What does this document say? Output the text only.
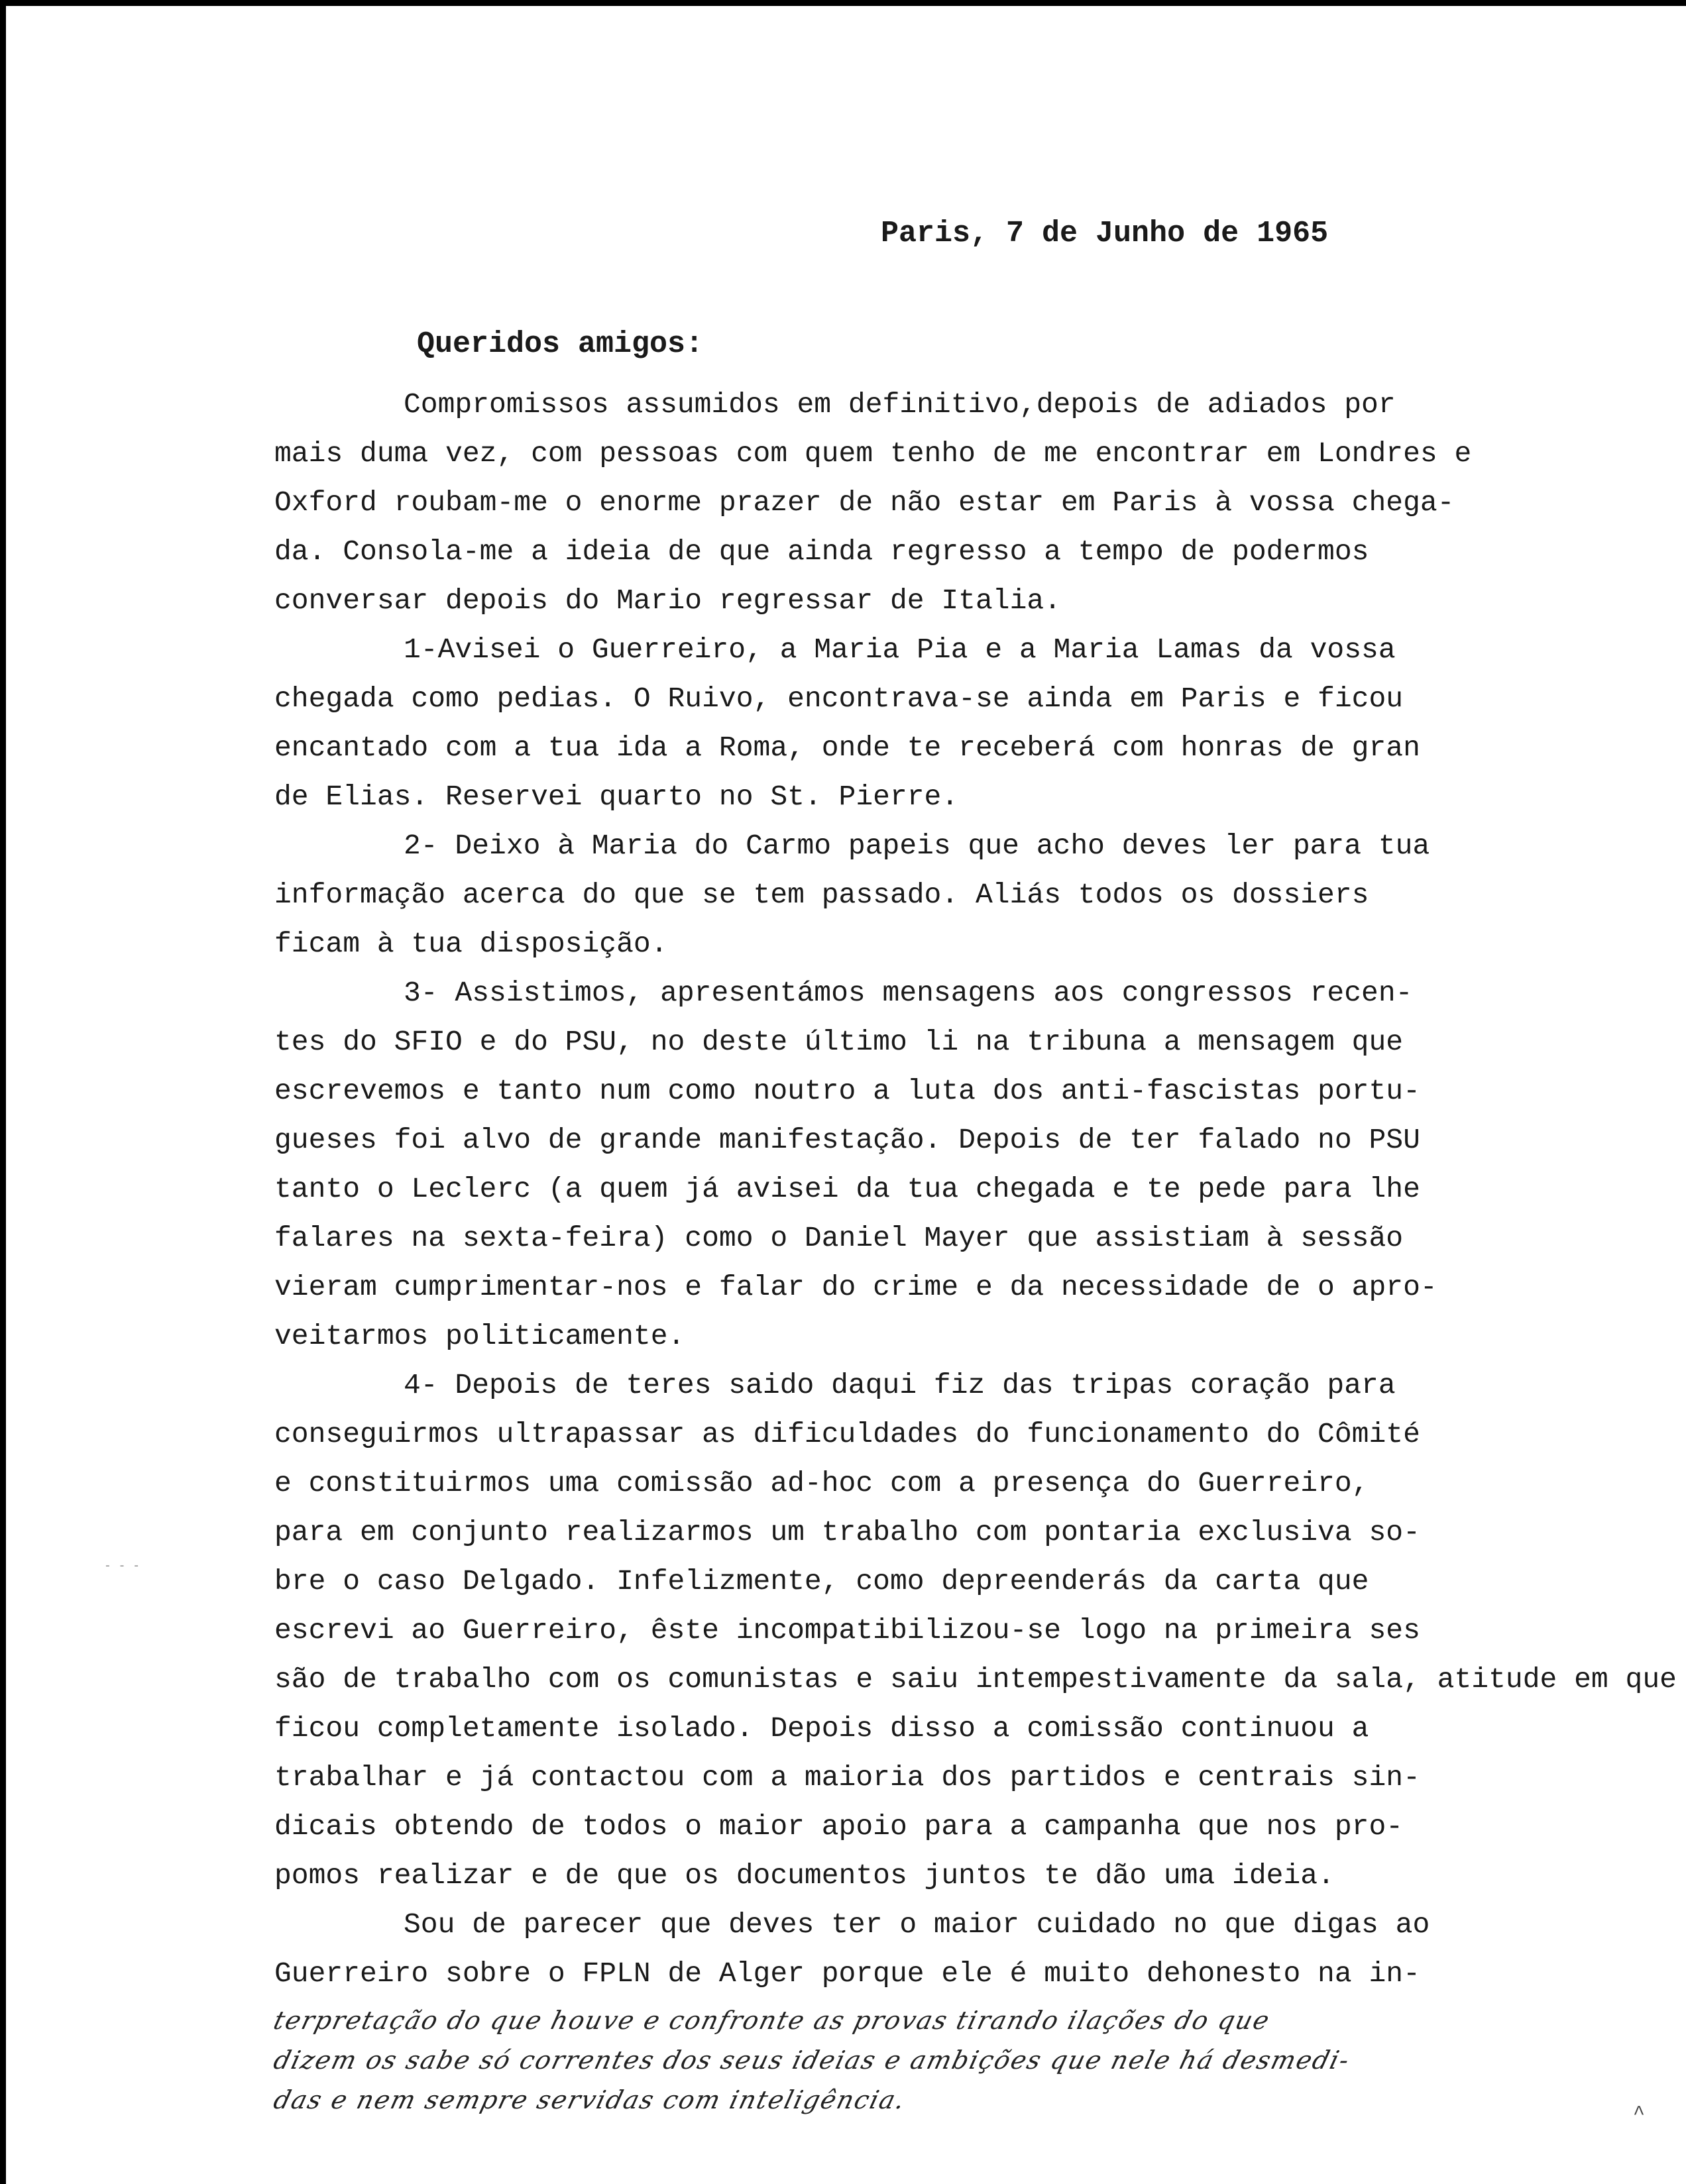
Paris, 7 de Junho de 1965
Queridos amigos:
Compromissos assumidos em definitivo,depois de adiados por
mais duma vez, com pessoas com quem tenho de me encontrar em Londres e
Oxford roubam-me o enorme prazer de não estar em Paris à vossa chega-
da. Consola-me a ideia de que ainda regresso a tempo de podermos
conversar depois do Mario regressar de Italia.
1-Avisei o Guerreiro, a Maria Pia e a Maria Lamas da vossa
chegada como pedias. O Ruivo, encontrava-se ainda em Paris e ficou
encantado com a tua ida a Roma, onde te receberá com honras de gran
de Elias. Reservei quarto no St. Pierre.
2- Deixo à Maria do Carmo papeis que acho deves ler para tua
informação acerca do que se tem passado. Aliás todos os dossiers
ficam à tua disposição.
3- Assistimos, apresentámos mensagens aos congressos recen-
tes do SFIO e do PSU, no deste último li na tribuna a mensagem que
escrevemos e tanto num como noutro a luta dos anti-fascistas portu-
gueses foi alvo de grande manifestação. Depois de ter falado no PSU
tanto o Leclerc (a quem já avisei da tua chegada e te pede para lhe
falares na sexta-feira) como o Daniel Mayer que assistiam à sessão
vieram cumprimentar-nos e falar do crime e da necessidade de o apro-
veitarmos politicamente.
4- Depois de teres saido daqui fiz das tripas coração para
conseguirmos ultrapassar as dificuldades do funcionamento do Cômité
e constituirmos uma comissão ad-hoc com a presença do Guerreiro,
para em conjunto realizarmos um trabalho com pontaria exclusiva so-
bre o caso Delgado. Infelizmente, como depreenderás da carta que
escrevi ao Guerreiro, êste incompatibilizou-se logo na primeira ses
são de trabalho com os comunistas e saiu intempestivamente da sala, atitude em que
ficou completamente isolado. Depois disso a comissão continuou a
trabalhar e já contactou com a maioria dos partidos e centrais sin-
dicais obtendo de todos o maior apoio para a campanha que nos pro-
pomos realizar e de que os documentos juntos te dão uma ideia.
Sou de parecer que deves ter o maior cuidado no que digas ao
Guerreiro sobre o FPLN de Alger porque ele é muito dehonesto na in-
terpretação do que houve e confronte as provas tirando ilações do que
dizem os sabe só correntes dos seus ideias e ambições que nele há desmedi-
das e nem sempre servidas com inteligência.
- - -
^
